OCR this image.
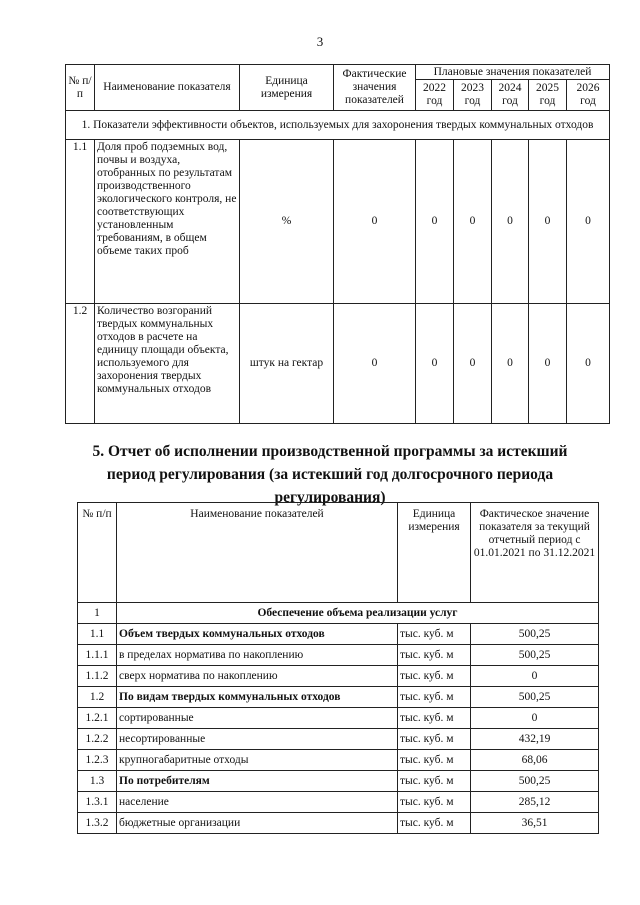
3
№ п/п	Наименование показателя	Единица измерения	Фактические значения показателей	Плановые значения показателей				
				2022 год	2023 год	2024 год	2025 год	2026 год
1. Показатели эффективности объектов, используемых для захоронения твердых коммунальных отходов								
1.1	Доля проб подземных вод, почвы и воздуха, отобранных по результатам производственного экологического контроля, не соответствующих установленным требованиям, в общем объеме таких проб	%	0	0	0	0	0	0
1.2	Количество возгораний твердых коммунальных отходов в расчете на единицу площади объекта, используемого для захоронения твердых коммунальных отходов	штук на гектар	0	0	0	0	0	0
5. Отчет об исполнении производственной программы за истекший период регулирования (за истекший год долгосрочного периода регулирования)
№ п/п	Наименование показателей	Единица измерения	Фактическое значение показателя за текущий отчетный период с 01.01.2021 по 31.12.2021
1	Обеспечение объема реализации услуг		
1.1	Объем твердых коммунальных отходов	тыс. куб. м	500,25
1.1.1	в пределах норматива по накоплению	тыс. куб. м	500,25
1.1.2	сверх норматива по накоплению	тыс. куб. м	0
1.2	По видам твердых коммунальных отходов	тыс. куб. м	500,25
1.2.1	сортированные	тыс. куб. м	0
1.2.2	несортированные	тыс. куб. м	432,19
1.2.3	крупногабаритные отходы	тыс. куб. м	68,06
1.3	По потребителям	тыс. куб. м	500,25
1.3.1	население	тыс. куб. м	285,12
1.3.2	бюджетные организации	тыс. куб. м	36,51
